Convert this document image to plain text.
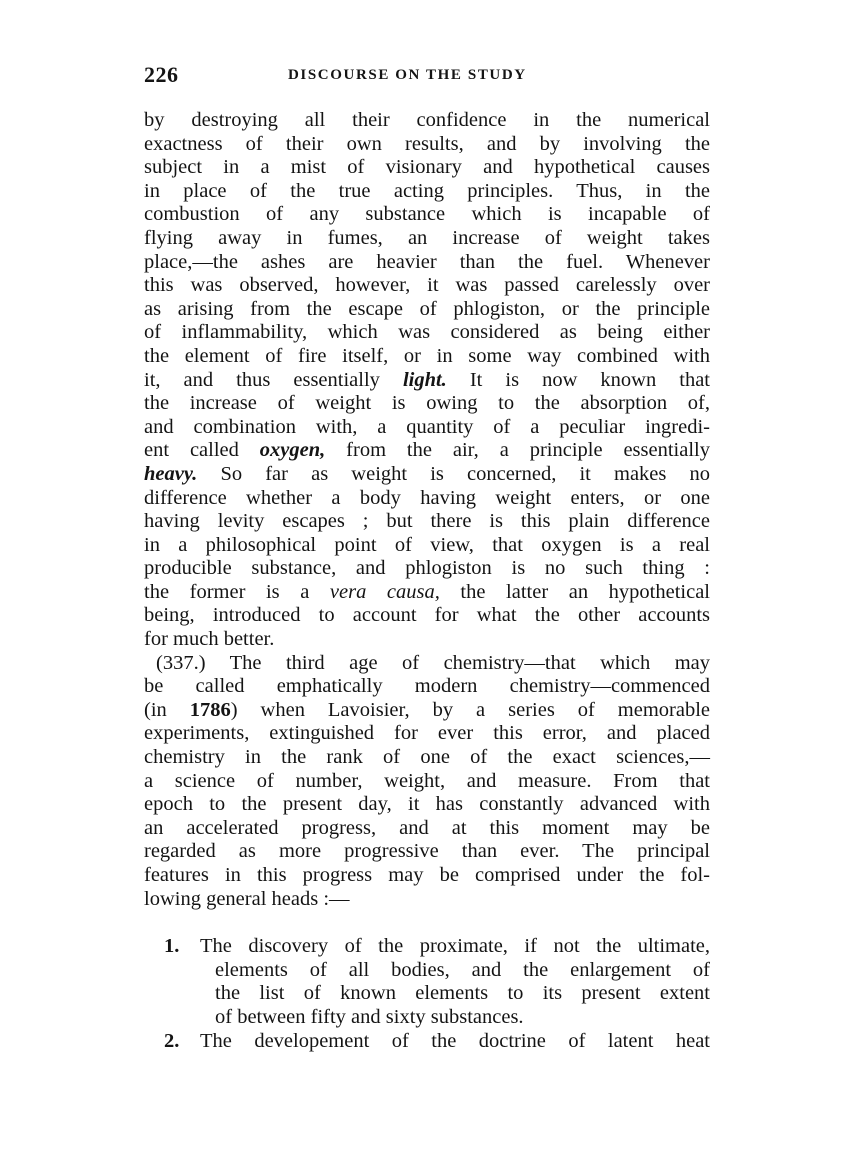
226	DISCOURSE ON THE STUDY
by destroying all their confidence in the numerical
exactness of their own results, and by involving the
subject in a mist of visionary and hypothetical causes
in place of the true acting principles. Thus, in the
combustion of any substance which is incapable of
flying away in fumes, an increase of weight takes
place,—the ashes are heavier than the fuel. Whenever
this was observed, however, it was passed carelessly over
as arising from the escape of phlogiston, or the principle
of inflammability, which was considered as being either
the element of fire itself, or in some way combined with
it, and thus essentially light. It is now known that
the increase of weight is owing to the absorption of,
and combination with, a quantity of a peculiar ingredi-
ent called oxygen, from the air, a principle essentially
heavy. So far as weight is concerned, it makes no
difference whether a body having weight enters, or one
having levity escapes ; but there is this plain difference
in a philosophical point of view, that oxygen is a real
producible substance, and phlogiston is no such thing :
the former is a vera causa, the latter an hypothetical
being, introduced to account for what the other accounts
for much better.
(337.) The third age of chemistry—that which may
be called emphatically modern chemistry—commenced
(in 1786) when Lavoisier, by a series of memorable
experiments, extinguished for ever this error, and placed
chemistry in the rank of one of the exact sciences,—
a science of number, weight, and measure. From that
epoch to the present day, it has constantly advanced with
an accelerated progress, and at this moment may be
regarded as more progressive than ever. The principal
features in this progress may be comprised under the fol-
lowing general heads :—
1. The discovery of the proximate, if not the ultimate,
elements of all bodies, and the enlargement of
the list of known elements to its present extent
of between fifty and sixty substances.
2. The developement of the doctrine of latent heat
